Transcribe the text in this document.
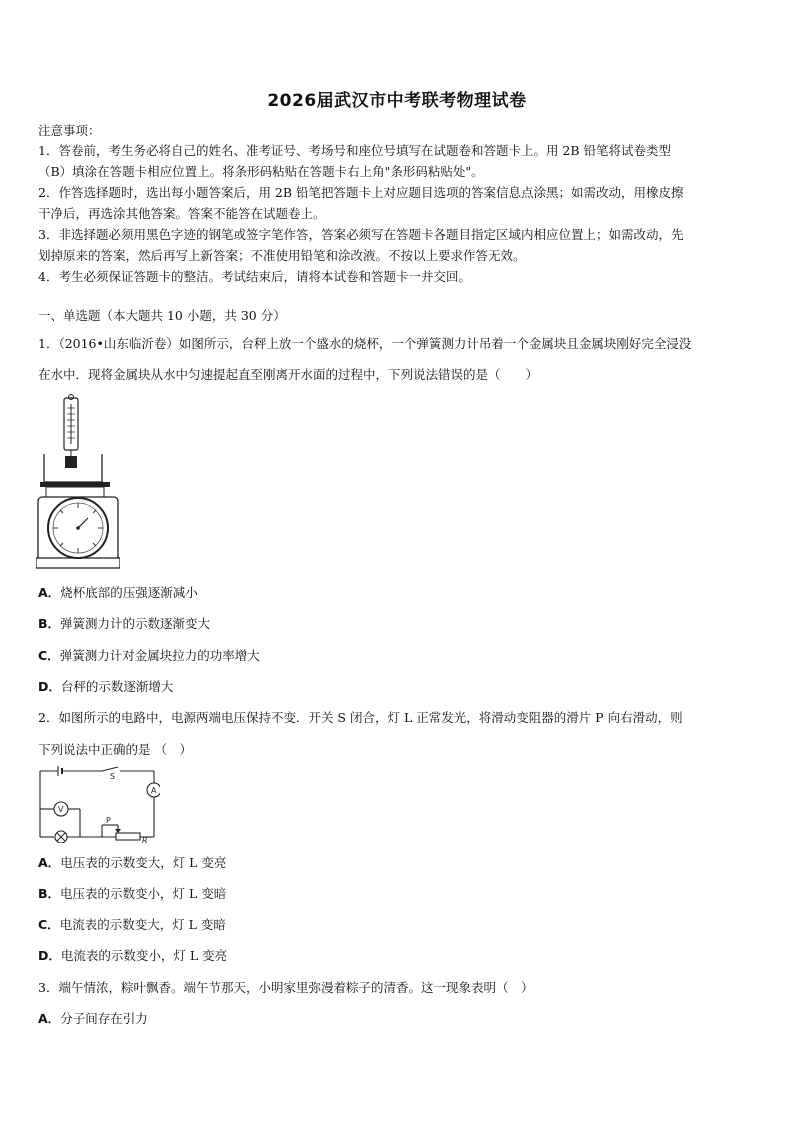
2026届武汉市中考联考物理试卷
注意事项：
1．答卷前，考生务必将自己的姓名、准考证号、考场号和座位号填写在试题卷和答题卡上。用 2B 铅笔将试卷类型
（B）填涂在答题卡相应位置上。将条形码粘贴在答题卡右上角"条形码粘贴处"。
2．作答选择题时，选出每小题答案后，用 2B 铅笔把答题卡上对应题目选项的答案信息点涂黑；如需改动，用橡皮擦
干净后，再选涂其他答案。答案不能答在试题卷上。
3．非选择题必须用黑色字迹的钢笔或签字笔作答，答案必须写在答题卡各题目指定区域内相应位置上；如需改动，先
划掉原来的答案，然后再写上新答案；不准使用铅笔和涂改液。不按以上要求作答无效。
4．考生必须保证答题卡的整洁。考试结束后，请将本试卷和答题卡一并交回。
一、单选题（本大题共 10 小题，共 30 分）
1．（2016•山东临沂卷）如图所示，台秤上放一个盛水的烧杯，一个弹簧测力计吊着一个金属块且金属块刚好完全浸没
在水中．现将金属块从水中匀速提起直至刚离开水面的过程中，下列说法错误的是（　　）
A．烧杯底部的压强逐渐减小
B．弹簧测力计的示数逐渐变大
C．弹簧测力计对金属块拉力的功率增大
D．台秤的示数逐渐增大
2．如图所示的电路中，电源两端电压保持不变．开关 S 闭合，灯 L 正常发光，将滑动变阻器的滑片 P 向右滑动，则
下列说法中正确的是 （　）
S
A
V
P
R
A．电压表的示数变大，灯 L 变亮
B．电压表的示数变小，灯 L 变暗
C．电流表的示数变大，灯 L 变暗
D．电流表的示数变小，灯 L 变亮
3．端午情浓，粽叶飘香。端午节那天，小明家里弥漫着粽子的清香。这一现象表明（　）
A．分子间存在引力
